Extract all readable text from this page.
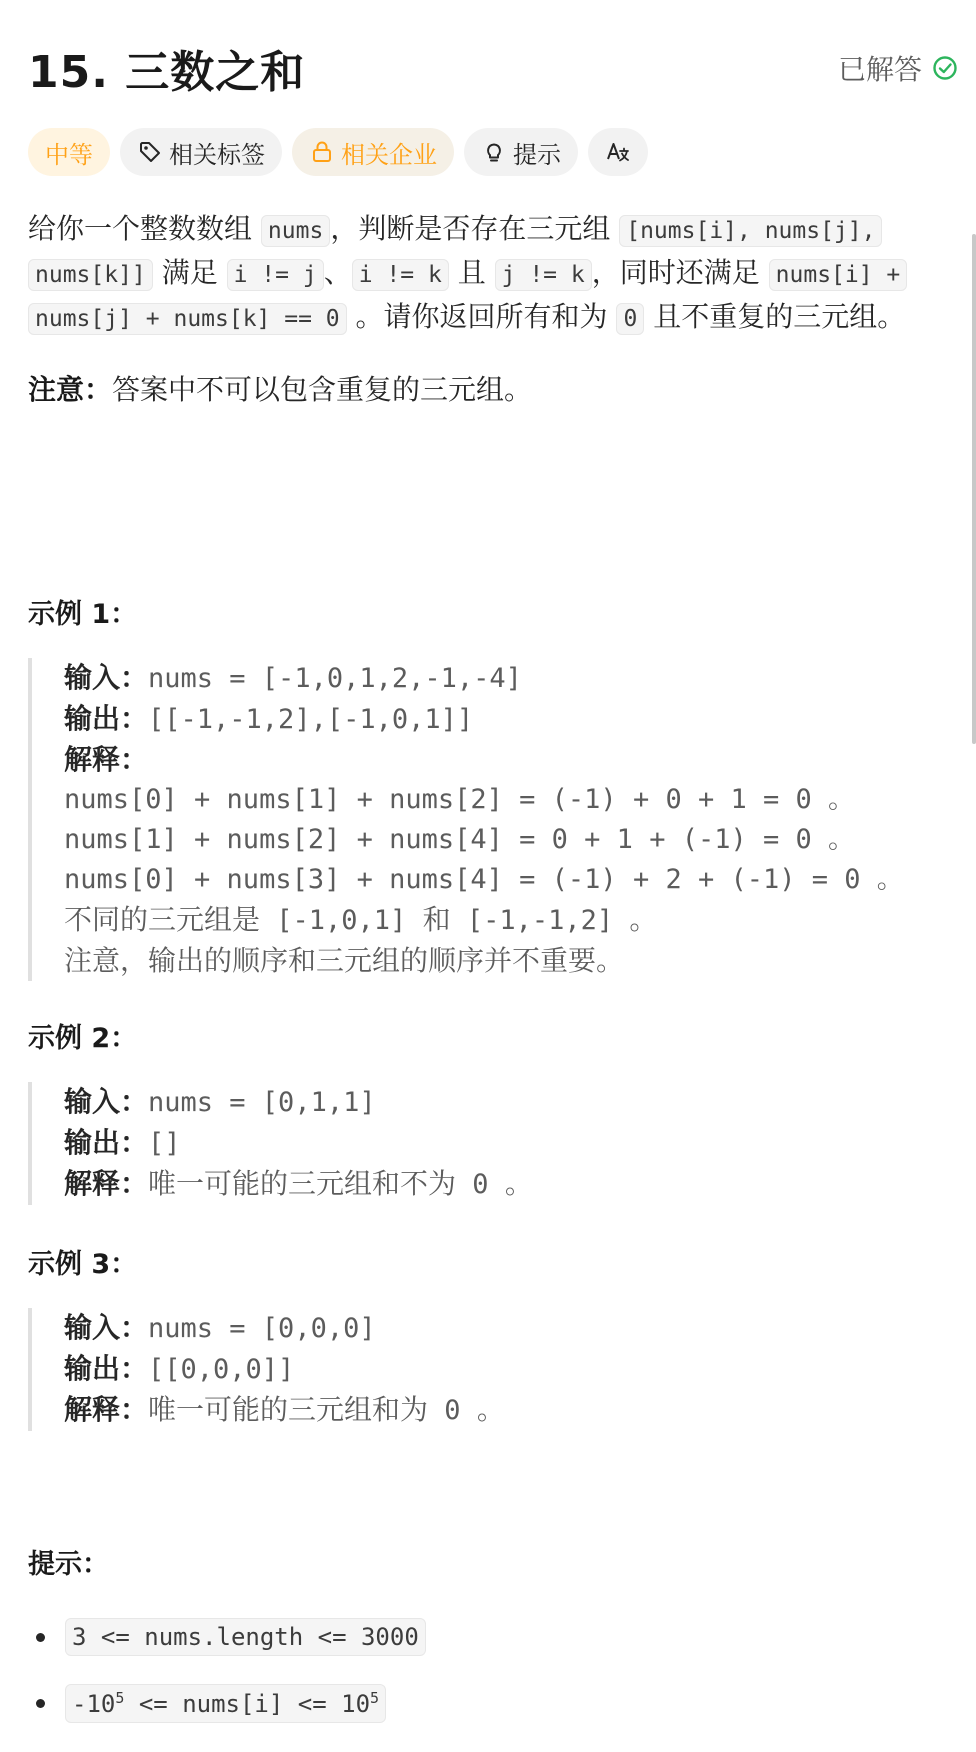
15. 三数之和	已解答
中等	相关标签	相关企业	提示
给你一个整数数组 nums ，判断是否存在三元组 [nums[i], nums[j],
nums[k]] 满足 i != j 、 i != k 且 j != k ，同时还满足 nums[i] +
nums[j] + nums[k] == 0 。请你返回所有和为 0 且不重复的三元组。
注意：答案中不可以包含重复的三元组。
示例 1：
输入：nums = [-1,0,1,2,-1,-4]
输出：[[-1,-1,2],[-1,0,1]]
解释：
nums[0] + nums[1] + nums[2] = (-1) + 0 + 1 = 0 。
nums[1] + nums[2] + nums[4] = 0 + 1 + (-1) = 0 。
nums[0] + nums[3] + nums[4] = (-1) + 2 + (-1) = 0 。
不同的三元组是 [-1,0,1] 和 [-1,-1,2] 。
注意，输出的顺序和三元组的顺序并不重要。
示例 2：
输入：nums = [0,1,1]
输出：[]
解释：唯一可能的三元组和不为 0 。
示例 3：
输入：nums = [0,0,0]
输出：[[0,0,0]]
解释：唯一可能的三元组和为 0 。
提示：
3 <= nums.length <= 3000
$-10^5$ <= nums[i] <= $10^5$
